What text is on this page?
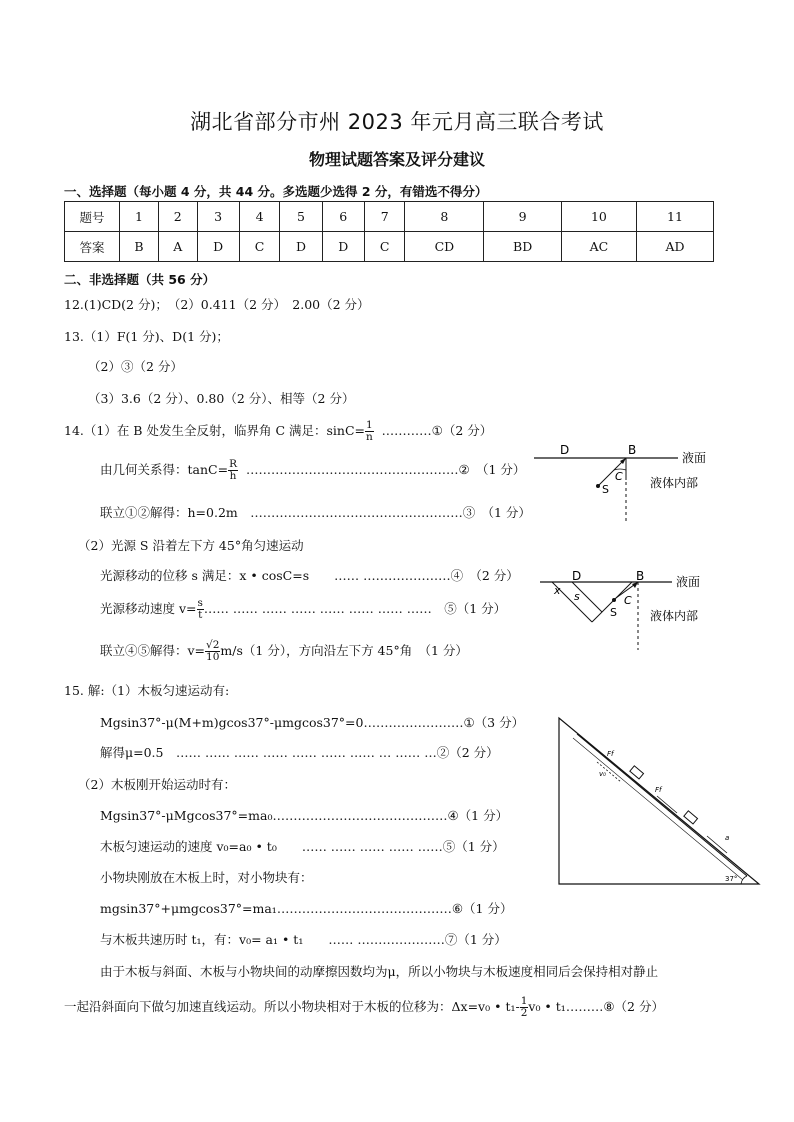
湖北省部分市州 2023 年元月高三联合考试
物理试题答案及评分建议
一、选择题（每小题 4 分，共 44 分。多选题少选得 2 分，有错选不得分）
题号	1	2	3	4	5	6	7	8	9	10	11
答案	B	A	D	C	D	D	C	CD	BD	AC	AD
二、非选择题（共 56 分）
12.(1)CD(2 分)；　（2）0.411（2 分）　2.00（2 分）
13.（1）F(1 分)、D(1 分)；
（2）③（2 分）
（3）3.6（2 分）、0.80（2 分）、相等（2 分）
14.（1）在 B 处发生全反射，临界角 C 满足：$\sin C= \frac{1}{n}$ …………①（2 分）
由几何关系得：$\tan C= \frac{R}{h}$ ……………………………………………②　（1 分）
联立①②解得：h=0.2m　……………………………………………③　（1 分）
（2）光源 S 沿着左下方 45°角匀速运动
光源移动的位移 s 满足：x • cosC=s　　…… …………………④　（2 分）
光源移动速度 $v= \frac{s}{t}$ …… …… …… …… …… …… …… ……　⑤（1 分）
联立④⑤解得：$v= \frac{√2}{10} m/s(1$ 分），方向沿左下方 45°角　（1 分）
D	B
C
S
液面
液体内部
D	B
C
S
x s
液面
液体内部
15. 解:（1）木板匀速运动有:
Mgsin37°-μ(M+m)gcos37°-μmgcos37°=0……………………①（3 分）
解得μ=0.5　…… …… …… …… …… …… …… … …… …②（2 分）
（2）木板刚开始运动时有：
Mgsin37°-μMgcos37°=ma₀……………………………………④（1 分）
木板匀速运动的速度 v₀=a₀ • t₀　　…… …… …… …… ……⑤（1 分）
小物块刚放在木板上时，对小物块有：
mgsin37°+μmgcos37°=ma₁……………………………………⑥（1 分）
与木板共速历时 t₁，有：v₀= a₁ • t₁　　…… …………………⑦（1 分）
由于木板与斜面、木板与小物块间的动摩擦因数均为μ，所以小物块与木板速度相同后会保持相对静止
一起沿斜面向下做匀加速直线运动。所以小物块相对于木板的位移为：Δx=v₀ • $t_1- \frac{1}{2} v_0$ • t₁………⑧（2 分）
37°
Ff
Ff
v₀
a
